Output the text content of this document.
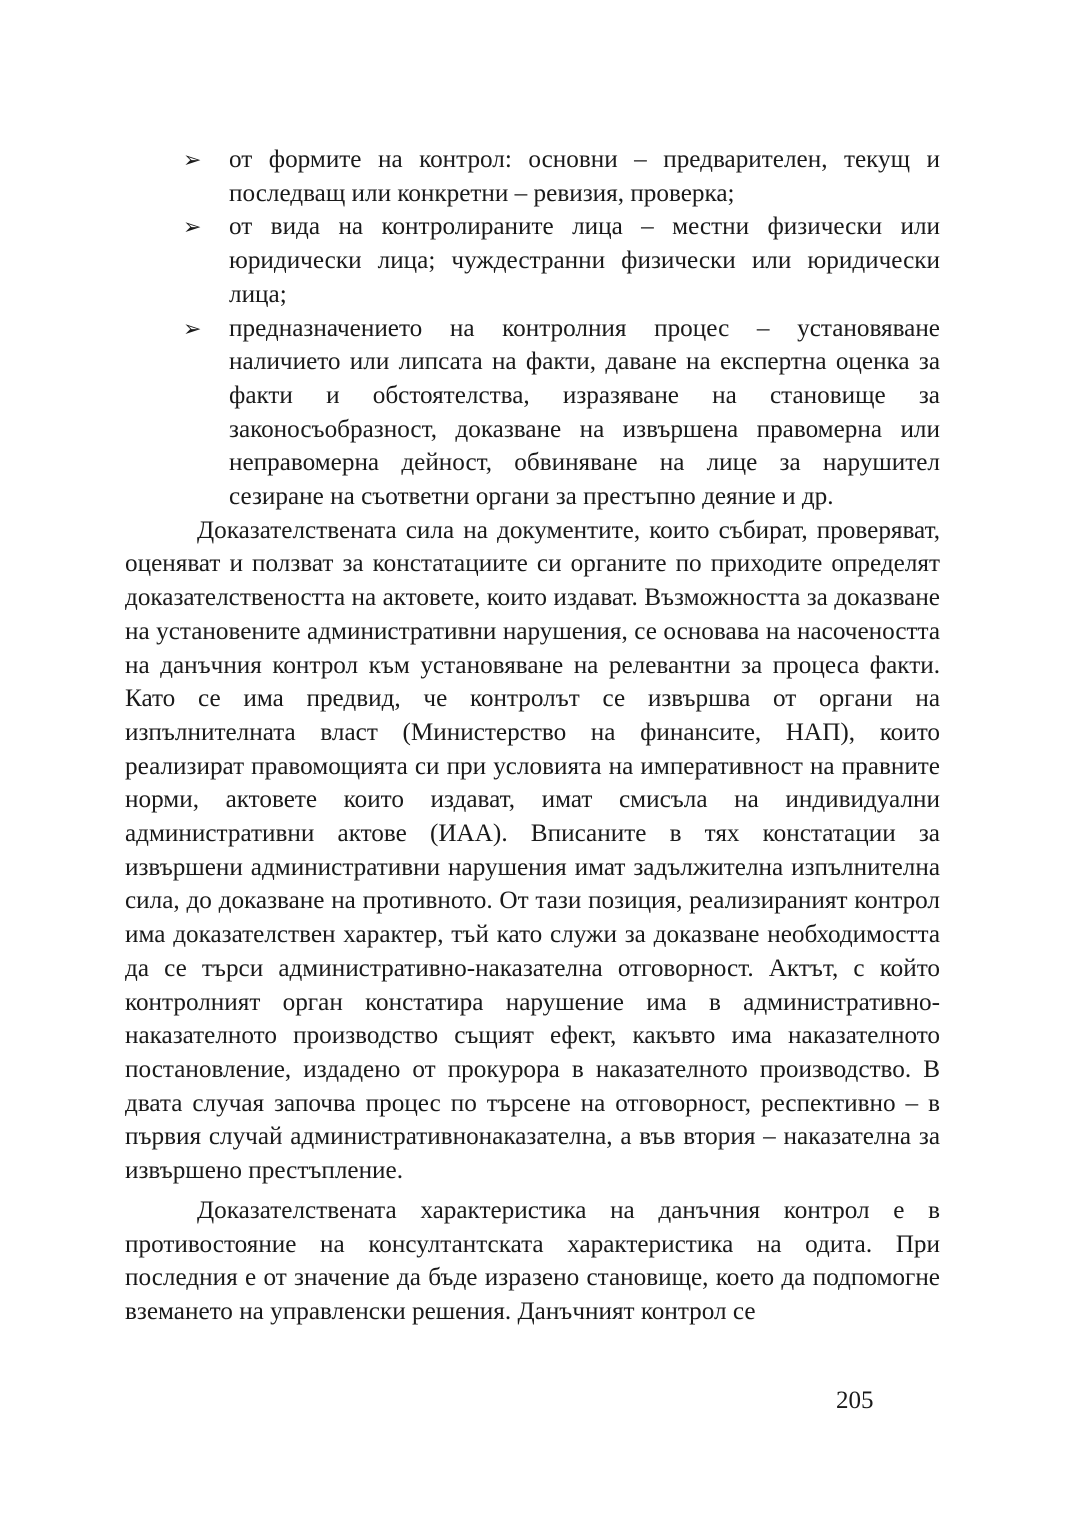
➢ от формите на контрол: основни – предварителен, текущ и последващ или конкретни – ревизия, проверка;
➢ от вида на контролираните лица – местни физически или юридически лица; чуждестранни физически или юридически лица;
➢ предназначението на контролния процес – установяване наличието или липсата на факти, даване на експертна оценка за факти и обстоятелства, изразяване на становище за законосъобразност, доказване на извършена правомерна или неправомерна дейност, обвиняване на лице за нарушител сезиране на съответни органи за престъпно деяние и др.

Доказателствената сила на документите, които събират, проверяват, оценяват и ползват за констатациите си органите по приходите определят доказателствеността на актовете, които издават. Възможността за доказване на установените административни нарушения, се основава на насочеността на данъчния контрол към установяване на релевантни за процеса факти. Като се има предвид, че контролът се извършва от органи на изпълнителната власт (Министерство на финансите, НАП), които реализират правомощията си при условията на императивност на правните норми, актовете които издават, имат смисъла на индивидуални административни актове (ИАА). Вписаните в тях констатации за извършени административни нарушения имат задължителна изпълнителна сила, до доказване на противното. От тази позиция, реализираният контрол има доказателствен характер, тъй като служи за доказване необходимостта да се търси административно-наказателна отговорност. Актът, с който контролният орган констатира нарушение има в административно-наказателното производство същият ефект, какъвто има наказателното постановление, издадено от прокурора в наказателното производство. В двата случая започва процес по търсене на отговорност, респективно – в първия случай административнонаказателна, а във втория – наказателна за извършено престъпление.

Доказателствената характеристика на данъчния контрол е в противостояние на консултантската характеристика на одита. При последния е от значение да бъде изразено становище, което да подпомогне вземането на управленски решения. Данъчният контрол се

205
